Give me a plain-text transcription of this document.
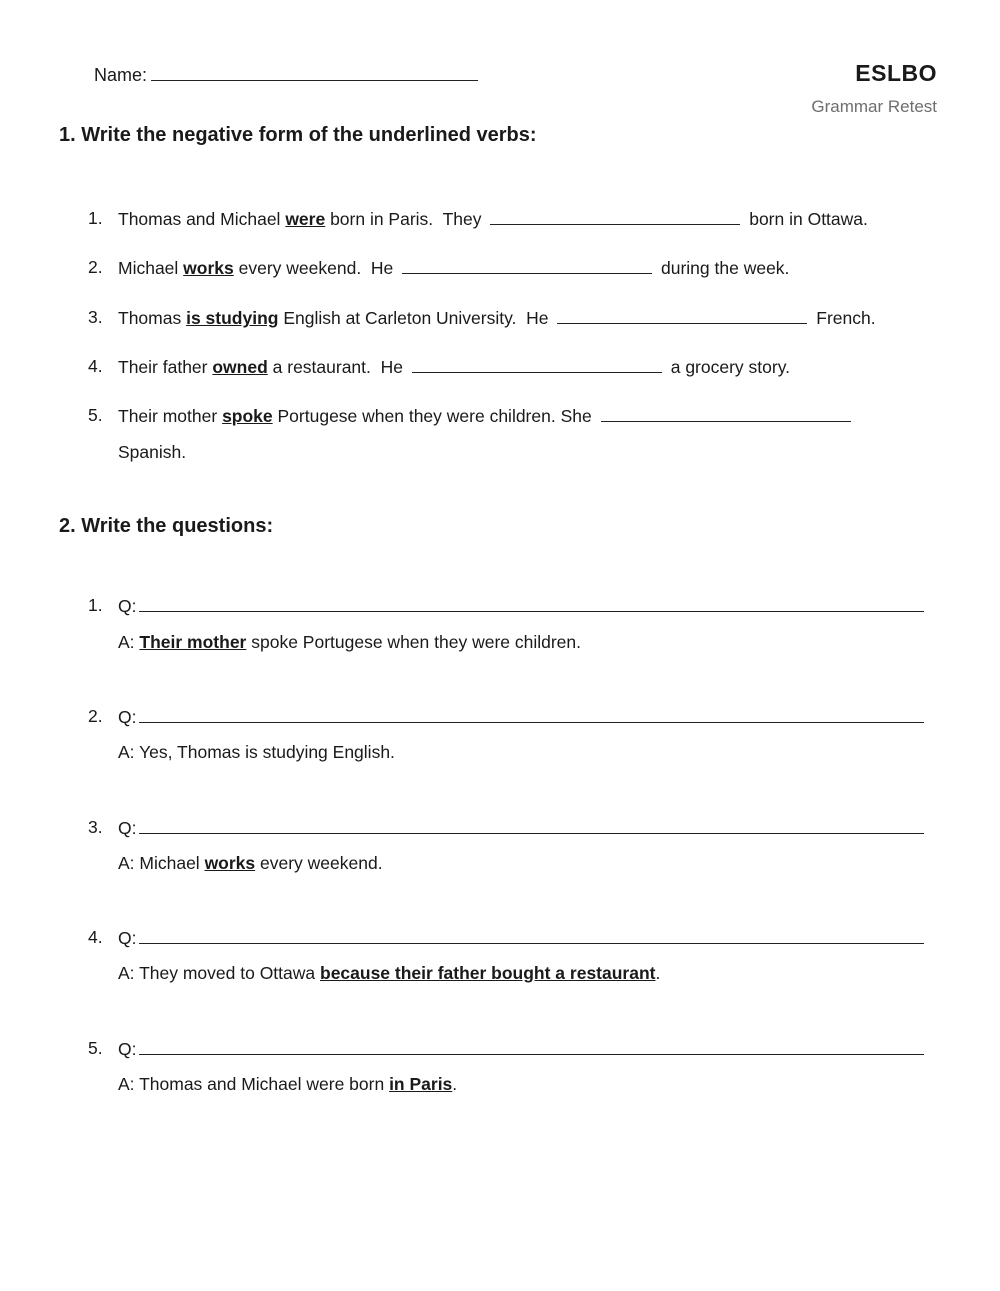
Name:	ESLBO
Grammar Retest
1. Write the negative form of the underlined verbs:
1. Thomas and Michael were born in Paris.  They	born in Ottawa.
2. Michael works every weekend.  He	during the week.
3. Thomas is studying English at Carleton University.  He	French.
4. Their father owned a restaurant.  He	a grocery story.
5. Their mother spoke Portugese when they were children. She
Spanish.
2. Write the questions:
1. Q:
A: Their mother spoke Portugese when they were children.
2. Q:
A: Yes, Thomas is studying English.
3. Q:
A: Michael works every weekend.
4. Q:
A: They moved to Ottawa because their father bought a restaurant.
5. Q:
A: Thomas and Michael were born in Paris.
